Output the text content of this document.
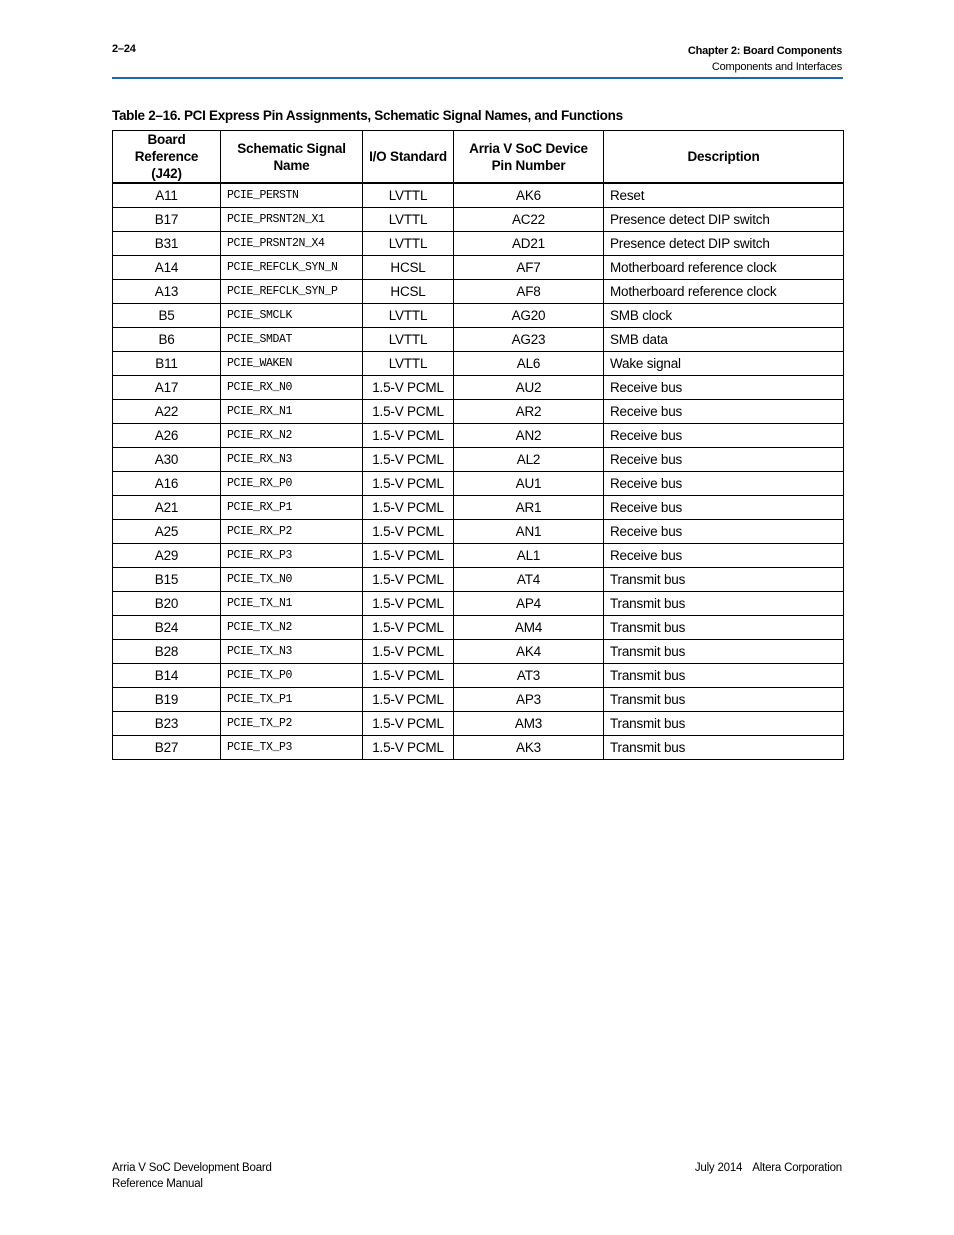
2–24	Chapter 2: Board Components
Components and Interfaces
Table 2–16. PCI Express Pin Assignments, Schematic Signal Names, and Functions
Board Reference (J42)	Schematic Signal Name	I/O Standard	Arria V SoC Device Pin Number	Description
A11	PCIE_PERSTN	LVTTL	AK6	Reset
B17	PCIE_PRSNT2N_X1	LVTTL	AC22	Presence detect DIP switch
B31	PCIE_PRSNT2N_X4	LVTTL	AD21	Presence detect DIP switch
A14	PCIE_REFCLK_SYN_N	HCSL	AF7	Motherboard reference clock
A13	PCIE_REFCLK_SYN_P	HCSL	AF8	Motherboard reference clock
B5	PCIE_SMCLK	LVTTL	AG20	SMB clock
B6	PCIE_SMDAT	LVTTL	AG23	SMB data
B11	PCIE_WAKEN	LVTTL	AL6	Wake signal
A17	PCIE_RX_N0	1.5-V PCML	AU2	Receive bus
A22	PCIE_RX_N1	1.5-V PCML	AR2	Receive bus
A26	PCIE_RX_N2	1.5-V PCML	AN2	Receive bus
A30	PCIE_RX_N3	1.5-V PCML	AL2	Receive bus
A16	PCIE_RX_P0	1.5-V PCML	AU1	Receive bus
A21	PCIE_RX_P1	1.5-V PCML	AR1	Receive bus
A25	PCIE_RX_P2	1.5-V PCML	AN1	Receive bus
A29	PCIE_RX_P3	1.5-V PCML	AL1	Receive bus
B15	PCIE_TX_N0	1.5-V PCML	AT4	Transmit bus
B20	PCIE_TX_N1	1.5-V PCML	AP4	Transmit bus
B24	PCIE_TX_N2	1.5-V PCML	AM4	Transmit bus
B28	PCIE_TX_N3	1.5-V PCML	AK4	Transmit bus
B14	PCIE_TX_P0	1.5-V PCML	AT3	Transmit bus
B19	PCIE_TX_P1	1.5-V PCML	AP3	Transmit bus
B23	PCIE_TX_P2	1.5-V PCML	AM3	Transmit bus
B27	PCIE_TX_P3	1.5-V PCML	AK3	Transmit bus
Arria V SoC Development Board
Reference Manual
July 2014 Altera Corporation
